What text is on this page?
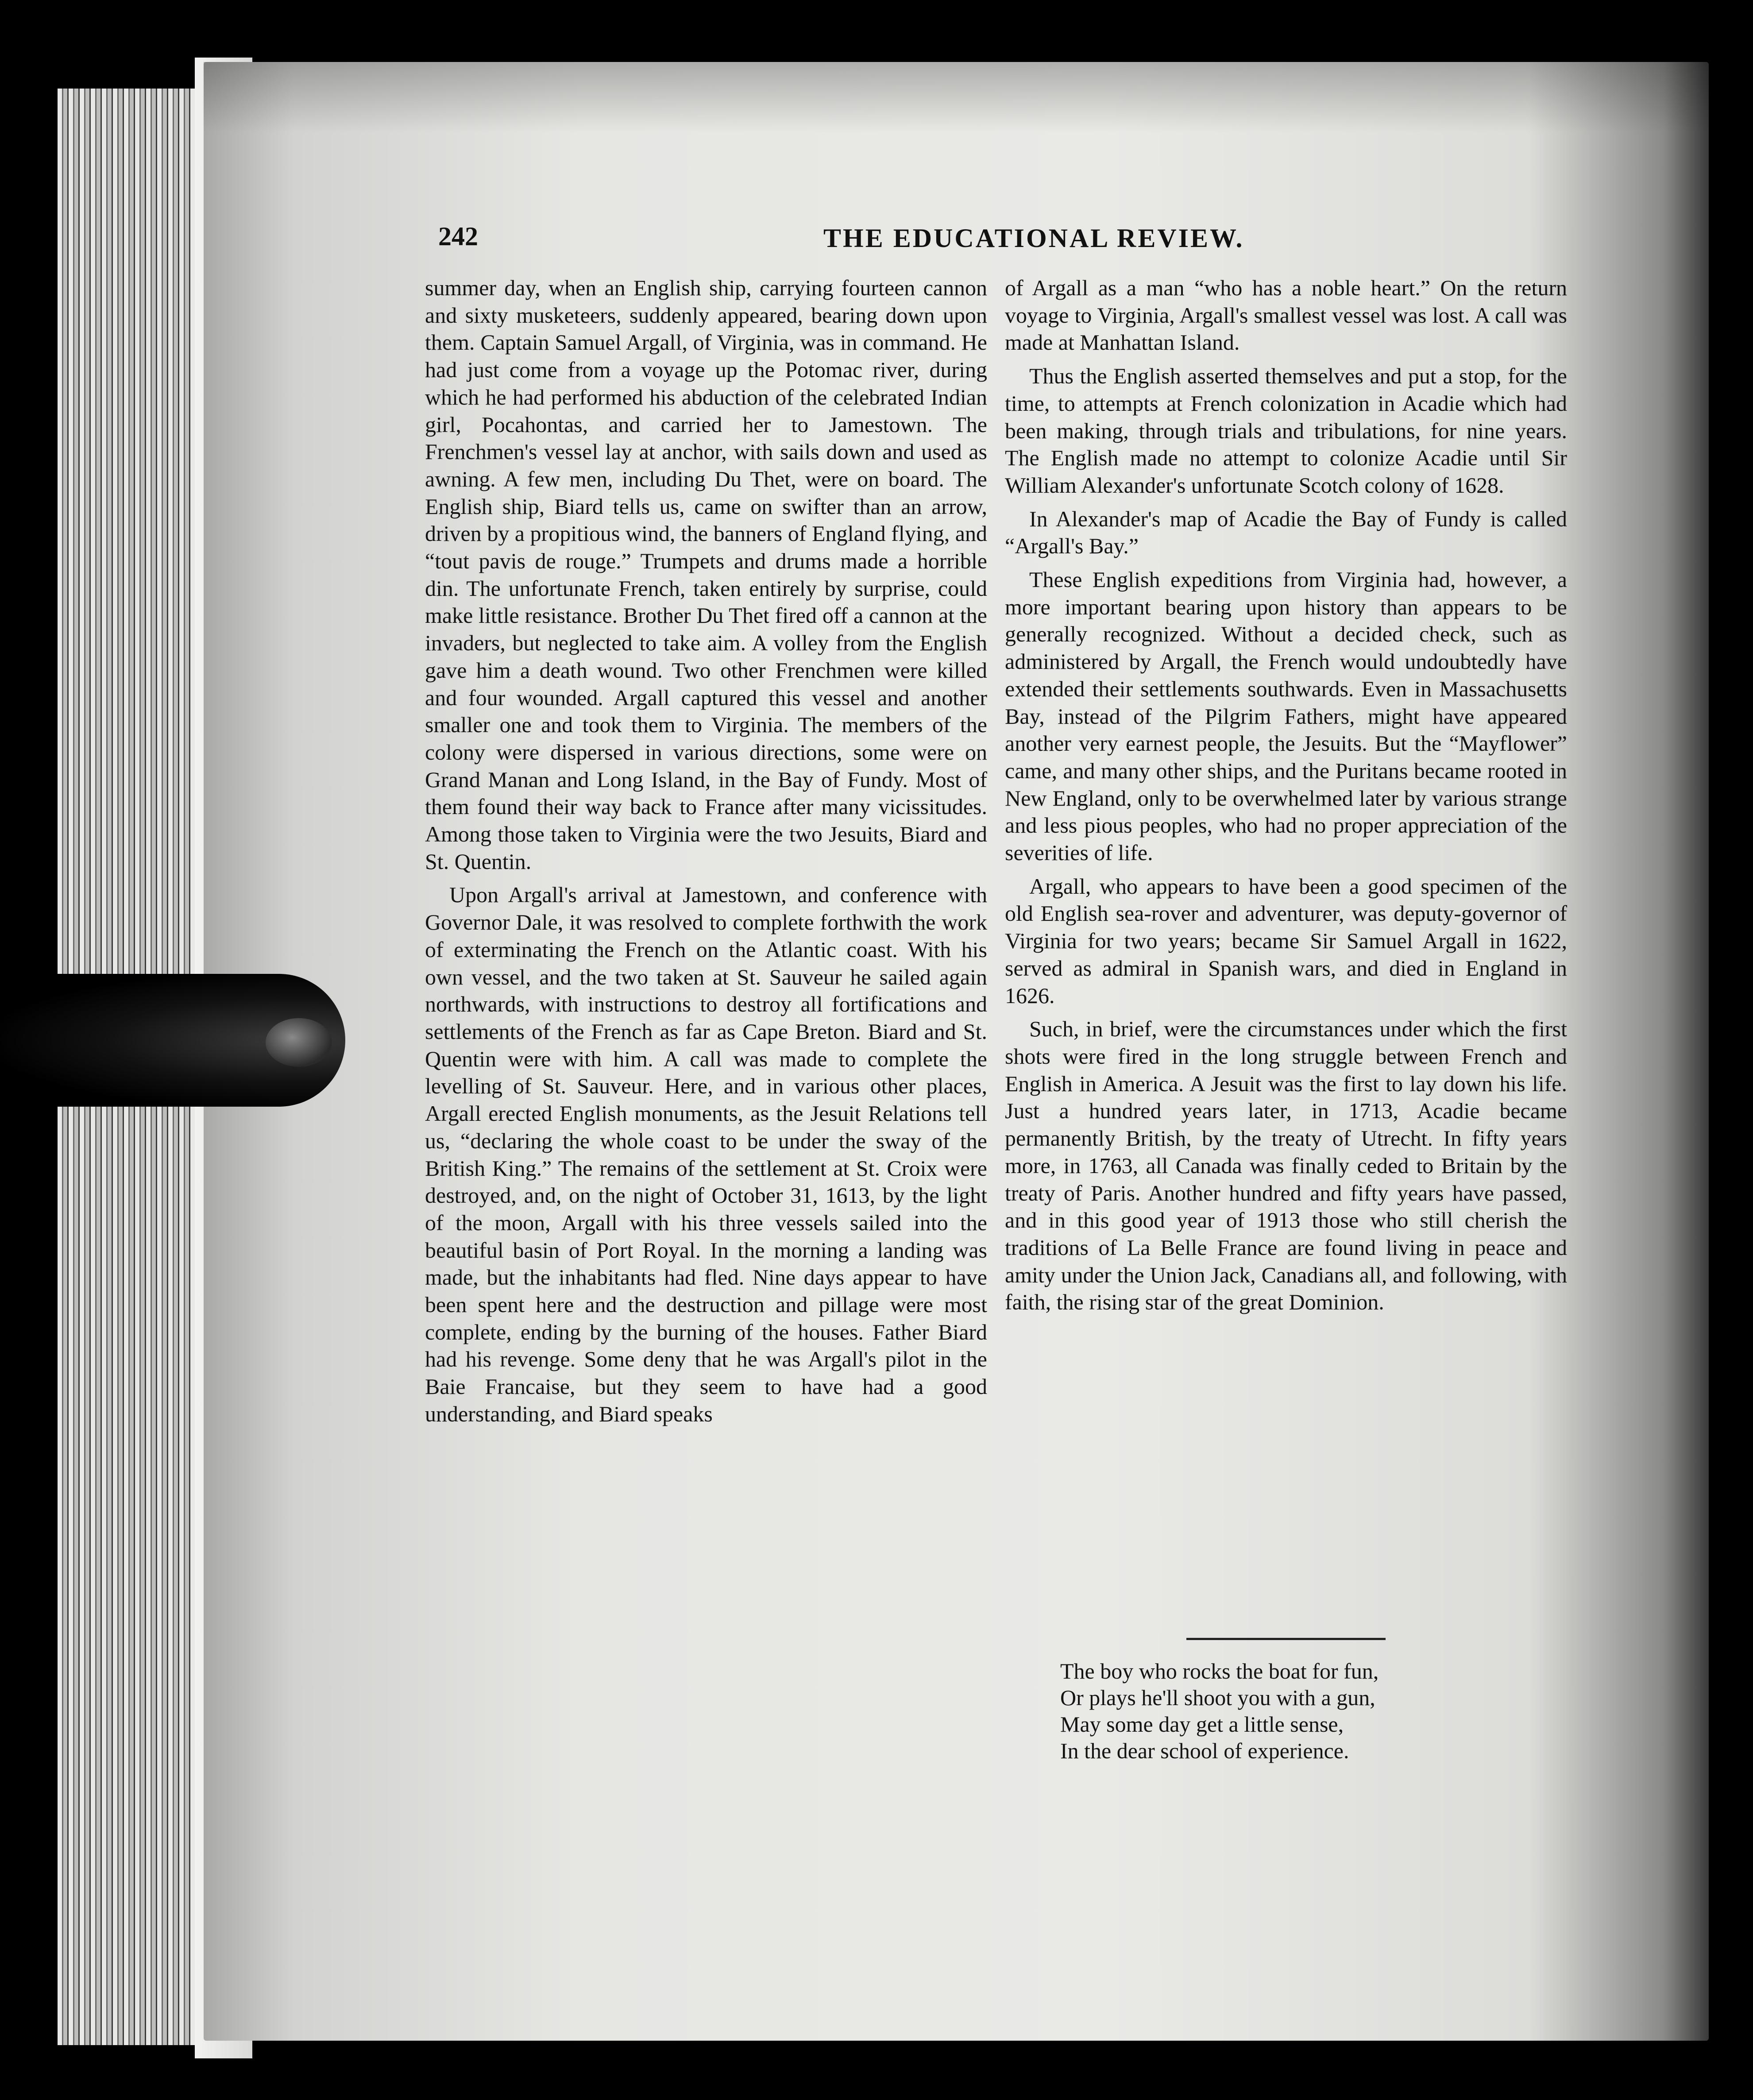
242	THE EDUCATIONAL REVIEW.

summer day, when an English ship, carrying fourteen cannon and sixty musketeers, suddenly appeared, bearing down upon them. Captain Samuel Argall, of Virginia, was in command. He had just come from a voyage up the Potomac river, during which he had performed his abduction of the celebrated Indian girl, Pocahontas, and carried her to Jamestown. The Frenchmen's vessel lay at anchor, with sails down and used as awning. A few men, including Du Thet, were on board. The English ship, Biard tells us, came on swifter than an arrow, driven by a propitious wind, the banners of England flying, and “tout pavis de rouge.” Trumpets and drums made a horrible din. The unfortunate French, taken entirely by surprise, could make little resistance. Brother Du Thet fired off a cannon at the invaders, but neglected to take aim. A volley from the English gave him a death wound. Two other Frenchmen were killed and four wounded. Argall captured this vessel and another smaller one and took them to Virginia. The members of the colony were dispersed in various directions, some were on Grand Manan and Long Island, in the Bay of Fundy. Most of them found their way back to France after many vicissitudes. Among those taken to Virginia were the two Jesuits, Biard and St. Quentin.

Upon Argall's arrival at Jamestown, and conference with Governor Dale, it was resolved to complete forthwith the work of exterminating the French on the Atlantic coast. With his own vessel, and the two taken at St. Sauveur he sailed again northwards, with instructions to destroy all fortifications and settlements of the French as far as Cape Breton. Biard and St. Quentin were with him. A call was made to complete the levelling of St. Sauveur. Here, and in various other places, Argall erected English monuments, as the Jesuit Relations tell us, “declaring the whole coast to be under the sway of the British King.” The remains of the settlement at St. Croix were destroyed, and, on the night of October 31, 1613, by the light of the moon, Argall with his three vessels sailed into the beautiful basin of Port Royal. In the morning a landing was made, but the inhabitants had fled. Nine days appear to have been spent here and the destruction and pillage were most complete, ending by the burning of the houses. Father Biard had his revenge. Some deny that he was Argall's pilot in the Baie Francaise, but they seem to have had a good understanding, and Biard speaks

of Argall as a man “who has a noble heart.” On the return voyage to Virginia, Argall's smallest vessel was lost. A call was made at Manhattan Island.

Thus the English asserted themselves and put a stop, for the time, to attempts at French colonization in Acadie which had been making, through trials and tribulations, for nine years. The English made no attempt to colonize Acadie until Sir William Alexander's unfortunate Scotch colony of 1628.

In Alexander's map of Acadie the Bay of Fundy is called “Argall's Bay.”

These English expeditions from Virginia had, however, a more important bearing upon history than appears to be generally recognized. Without a decided check, such as administered by Argall, the French would undoubtedly have extended their settlements southwards. Even in Massachusetts Bay, instead of the Pilgrim Fathers, might have appeared another very earnest people, the Jesuits. But the “Mayflower” came, and many other ships, and the Puritans became rooted in New England, only to be overwhelmed later by various strange and less pious peoples, who had no proper appreciation of the severities of life.

Argall, who appears to have been a good specimen of the old English sea-rover and adventurer, was deputy-governor of Virginia for two years; became Sir Samuel Argall in 1622, served as admiral in Spanish wars, and died in England in 1626.

Such, in brief, were the circumstances under which the first shots were fired in the long struggle between French and English in America. A Jesuit was the first to lay down his life. Just a hundred years later, in 1713, Acadie became permanently British, by the treaty of Utrecht. In fifty years more, in 1763, all Canada was finally ceded to Britain by the treaty of Paris. Another hundred and fifty years have passed, and in this good year of 1913 those who still cherish the traditions of La Belle France are found living in peace and amity under the Union Jack, Canadians all, and following, with faith, the rising star of the great Dominion.

The boy who rocks the boat for fun,
Or plays he'll shoot you with a gun,
May some day get a little sense,
In the dear school of experience.
